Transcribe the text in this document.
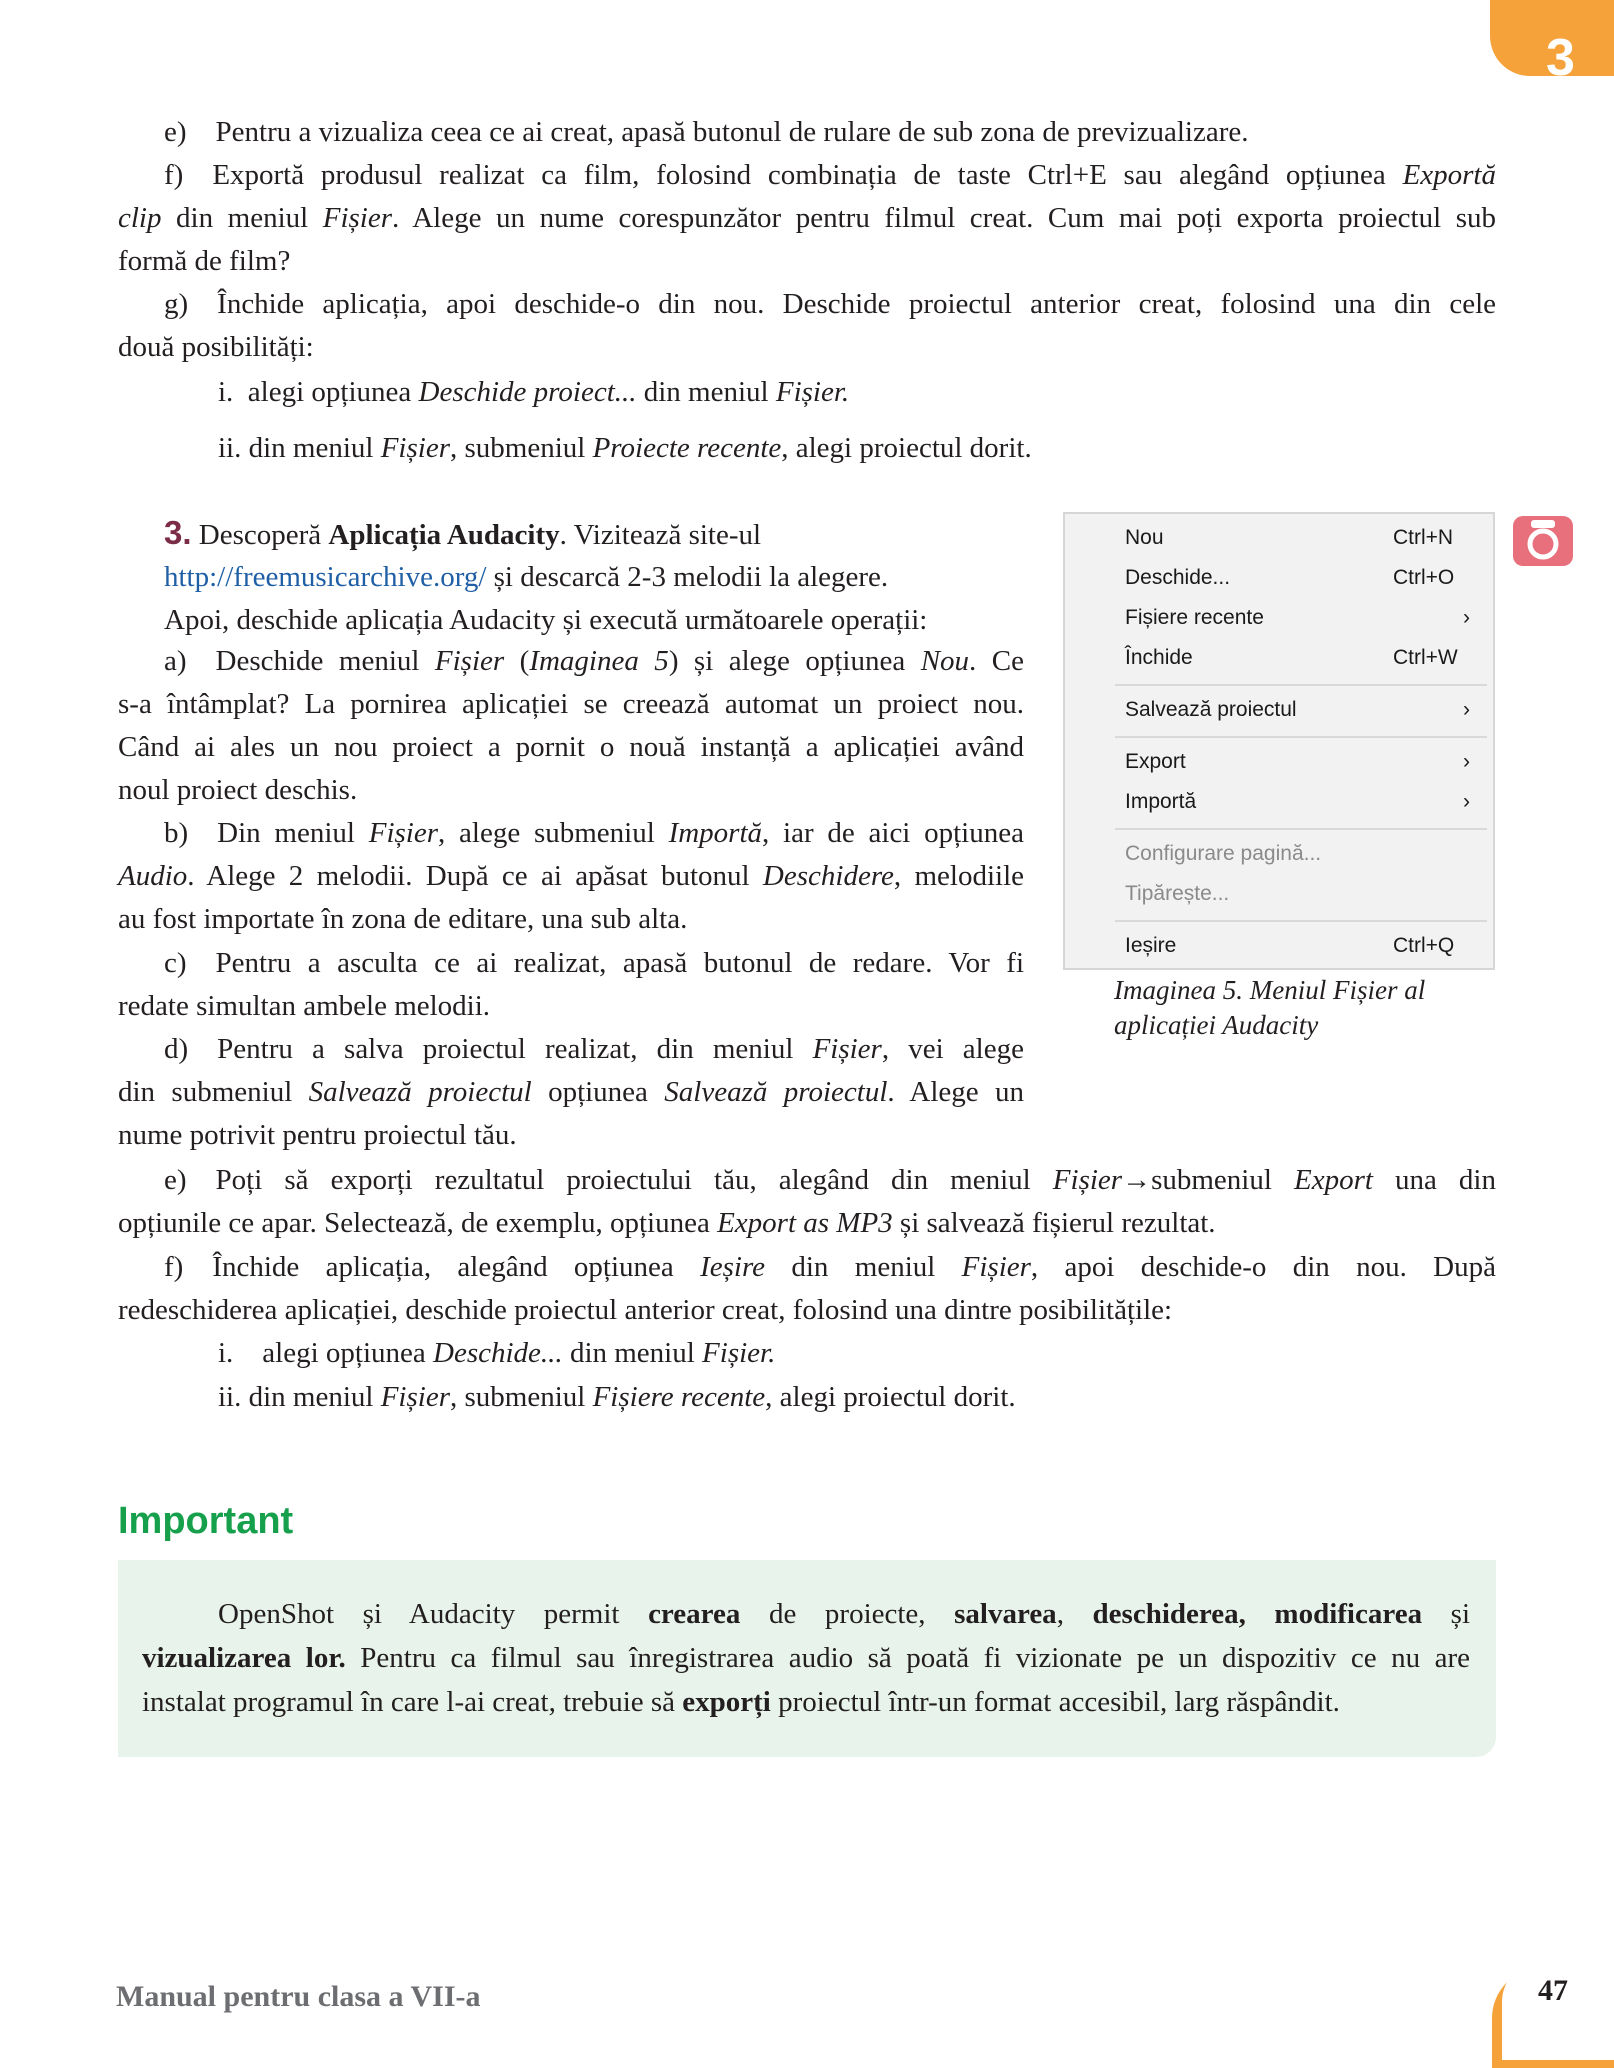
3
e) Pentru a vizualiza ceea ce ai creat, apasă butonul de rulare de sub zona de previzualizare.
f) Exportă produsul realizat ca film, folosind combinația de taste Ctrl+E sau alegând opțiunea Exportă
clip din meniul Fișier. Alege un nume corespunzător pentru filmul creat. Cum mai poți exporta proiectul sub
formă de film?
g) Închide aplicația, apoi deschide-o din nou. Deschide proiectul anterior creat, folosind una din cele
două posibilități:
i. alegi opțiunea Deschide proiect... din meniul Fișier.
ii. din meniul Fișier, submeniul Proiecte recente, alegi proiectul dorit.
3. Descoperă Aplicația Audacity. Vizitează site-ul
http://freemusicarchive.org/ și descarcă 2-3 melodii la alegere.
Apoi, deschide aplicația Audacity și execută următoarele operații:
a) Deschide meniul Fișier (Imaginea 5) și alege opțiunea Nou. Ce
s-a întâmplat? La pornirea aplicației se creează automat un proiect nou.
Când ai ales un nou proiect a pornit o nouă instanță a aplicației având
noul proiect deschis.
b) Din meniul Fișier, alege submeniul Importă, iar de aici opțiunea
Audio. Alege 2 melodii. După ce ai apăsat butonul Deschidere, melodiile
au fost importate în zona de editare, una sub alta.
c) Pentru a asculta ce ai realizat, apasă butonul de redare. Vor fi
redate simultan ambele melodii.
d) Pentru a salva proiectul realizat, din meniul Fișier, vei alege
din submeniul Salvează proiectul opțiunea Salvează proiectul. Alege un
nume potrivit pentru proiectul tău.
e) Poți să exporți rezultatul proiectului tău, alegând din meniul Fișier→submeniul Export una din
opțiunile ce apar. Selectează, de exemplu, opțiunea Export as MP3 și salvează fișierul rezultat.
f) Închide aplicația, alegând opțiunea Ieșire din meniul Fișier, apoi deschide-o din nou. După
redeschiderea aplicației, deschide proiectul anterior creat, folosind una dintre posibilitățile:
i. alegi opțiunea Deschide... din meniul Fișier.
ii. din meniul Fișier, submeniul Fișiere recente, alegi proiectul dorit.
Nou	Ctrl+N
Deschide...	Ctrl+O
Fișiere recente	›
Închide	Ctrl+W
Salvează proiectul	›
Export	›
Importă	›
Configurare pagină...
Tipărește...
Ieșire	Ctrl+Q
Imaginea 5. Meniul Fișier al aplicației Audacity
Important
OpenShot și Audacity permit crearea de proiecte, salvarea, deschiderea, modificarea și
vizualizarea lor. Pentru ca filmul sau înregistrarea audio să poată fi vizionate pe un dispozitiv ce nu are
instalat programul în care l-ai creat, trebuie să exporți proiectul într-un format accesibil, larg răspândit.
Manual pentru clasa a VII-a	47
